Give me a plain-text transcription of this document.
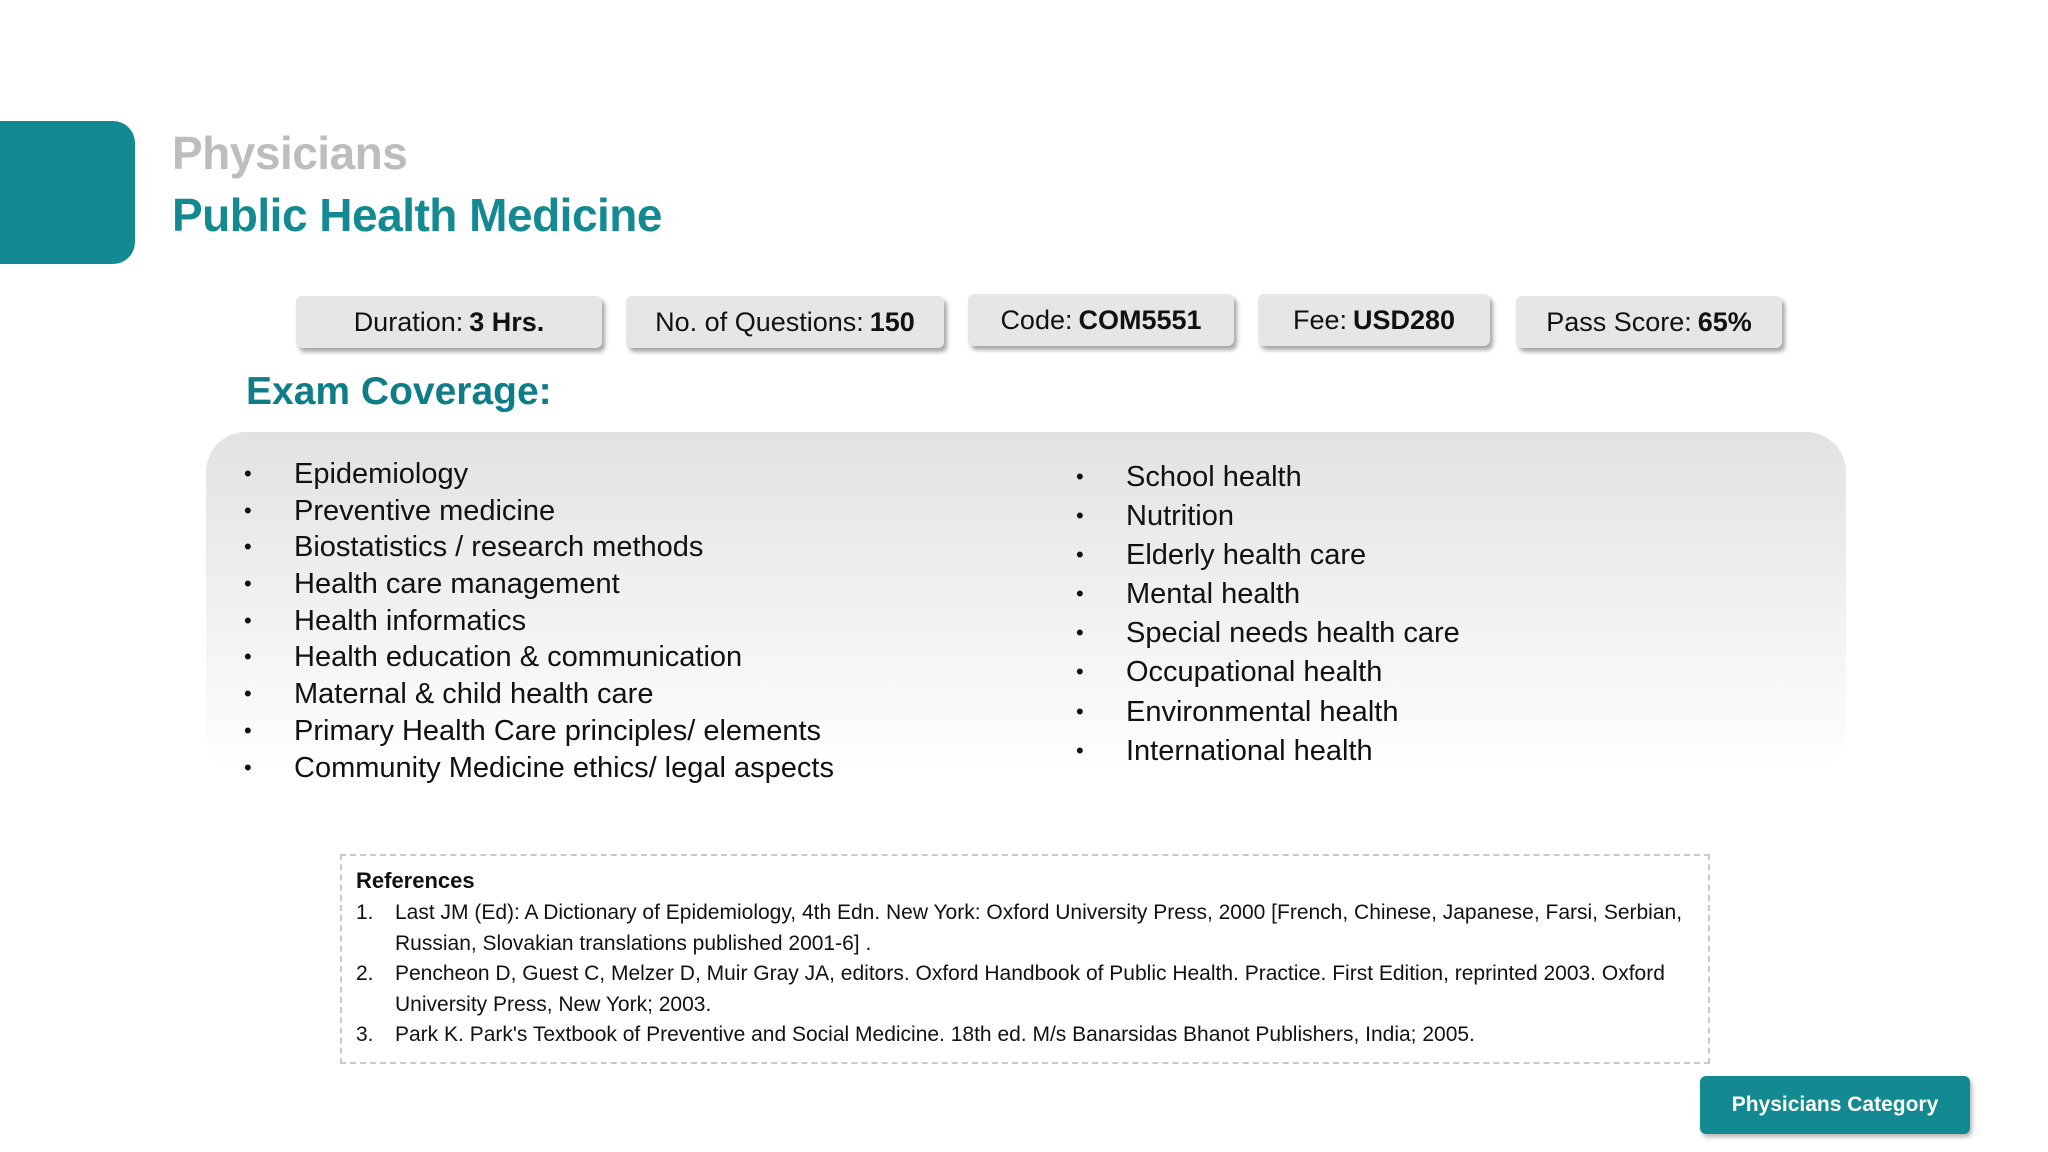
Physicians
Public Health Medicine
Duration: 3 Hrs.	No. of Questions: 150	Code: COM5551	Fee: USD280	Pass Score: 65%
Exam Coverage:
• Epidemiology
• Preventive medicine
• Biostatistics / research methods
• Health care management
• Health informatics
• Health education & communication
• Maternal & child health care
• Primary Health Care principles/ elements
• Community Medicine ethics/ legal aspects
• School health
• Nutrition
• Elderly health care
• Mental health
• Special needs health care
• Occupational health
• Environmental health
• International health

References

1. Last JM (Ed): A Dictionary of Epidemiology, 4th Edn. New York: Oxford University Press, 2000 [French, Chinese, Japanese, Farsi, Serbian, Russian, Slovakian translations published 2001-6] .
2. Pencheon D, Guest C, Melzer D, Muir Gray JA, editors. Oxford Handbook of Public Health. Practice. First Edition, reprinted 2003. Oxford University Press, New York; 2003.
3. Park K. Park's Textbook of Preventive and Social Medicine. 18th ed. M/s Banarsidas Bhanot Publishers, India; 2005.
Physicians Category
